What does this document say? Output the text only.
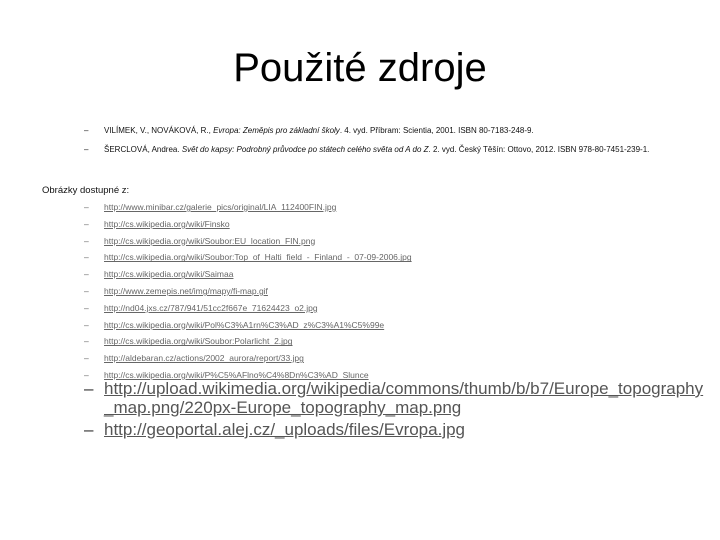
Použité zdroje
– VILÍMEK, V., NOVÁKOVÁ, R., Evropa: Zeměpis pro základní školy. 4. vyd. Příbram: Scientia, 2001. ISBN 80-7183-248-9.
– ŠERCLOVÁ, Andrea. Svět do kapsy: Podrobný průvodce po státech celého světa od A do Z. 2. vyd. Český Těšín: Ottovo, 2012. ISBN 978-80-7451-239-1.
Obrázky dostupné z:
– http://www.minibar.cz/galerie_pics/original/LIA_112400FIN.jpg
– http://cs.wikipedia.org/wiki/Finsko
– http://cs.wikipedia.org/wiki/Soubor:EU_location_FIN.png
– http://cs.wikipedia.org/wiki/Soubor:Top_of_Halti_field_-_Finland_-_07-09-2006.jpg
– http://cs.wikipedia.org/wiki/Saimaa
– http://www.zemepis.net/img/mapy/fi-map.gif
– http://nd04.jxs.cz/787/941/51cc2f667e_71624423_o2.jpg
– http://cs.wikipedia.org/wiki/Pol%C3%A1rn%C3%AD_z%C3%A1%C5%99e
– http://cs.wikipedia.org/wiki/Soubor:Polarlicht_2.jpg
– http://aldebaran.cz/actions/2002_aurora/report/33.jpg
– http://cs.wikipedia.org/wiki/P%C5%AFlno%C4%8Dn%C3%AD_Slunce
– http://upload.wikimedia.org/wikipedia/commons/thumb/b/b7/Europe_topography_map.png/220px-Europe_topography_map.png
– http://geoportal.alej.cz/_uploads/files/Evropa.jpg
